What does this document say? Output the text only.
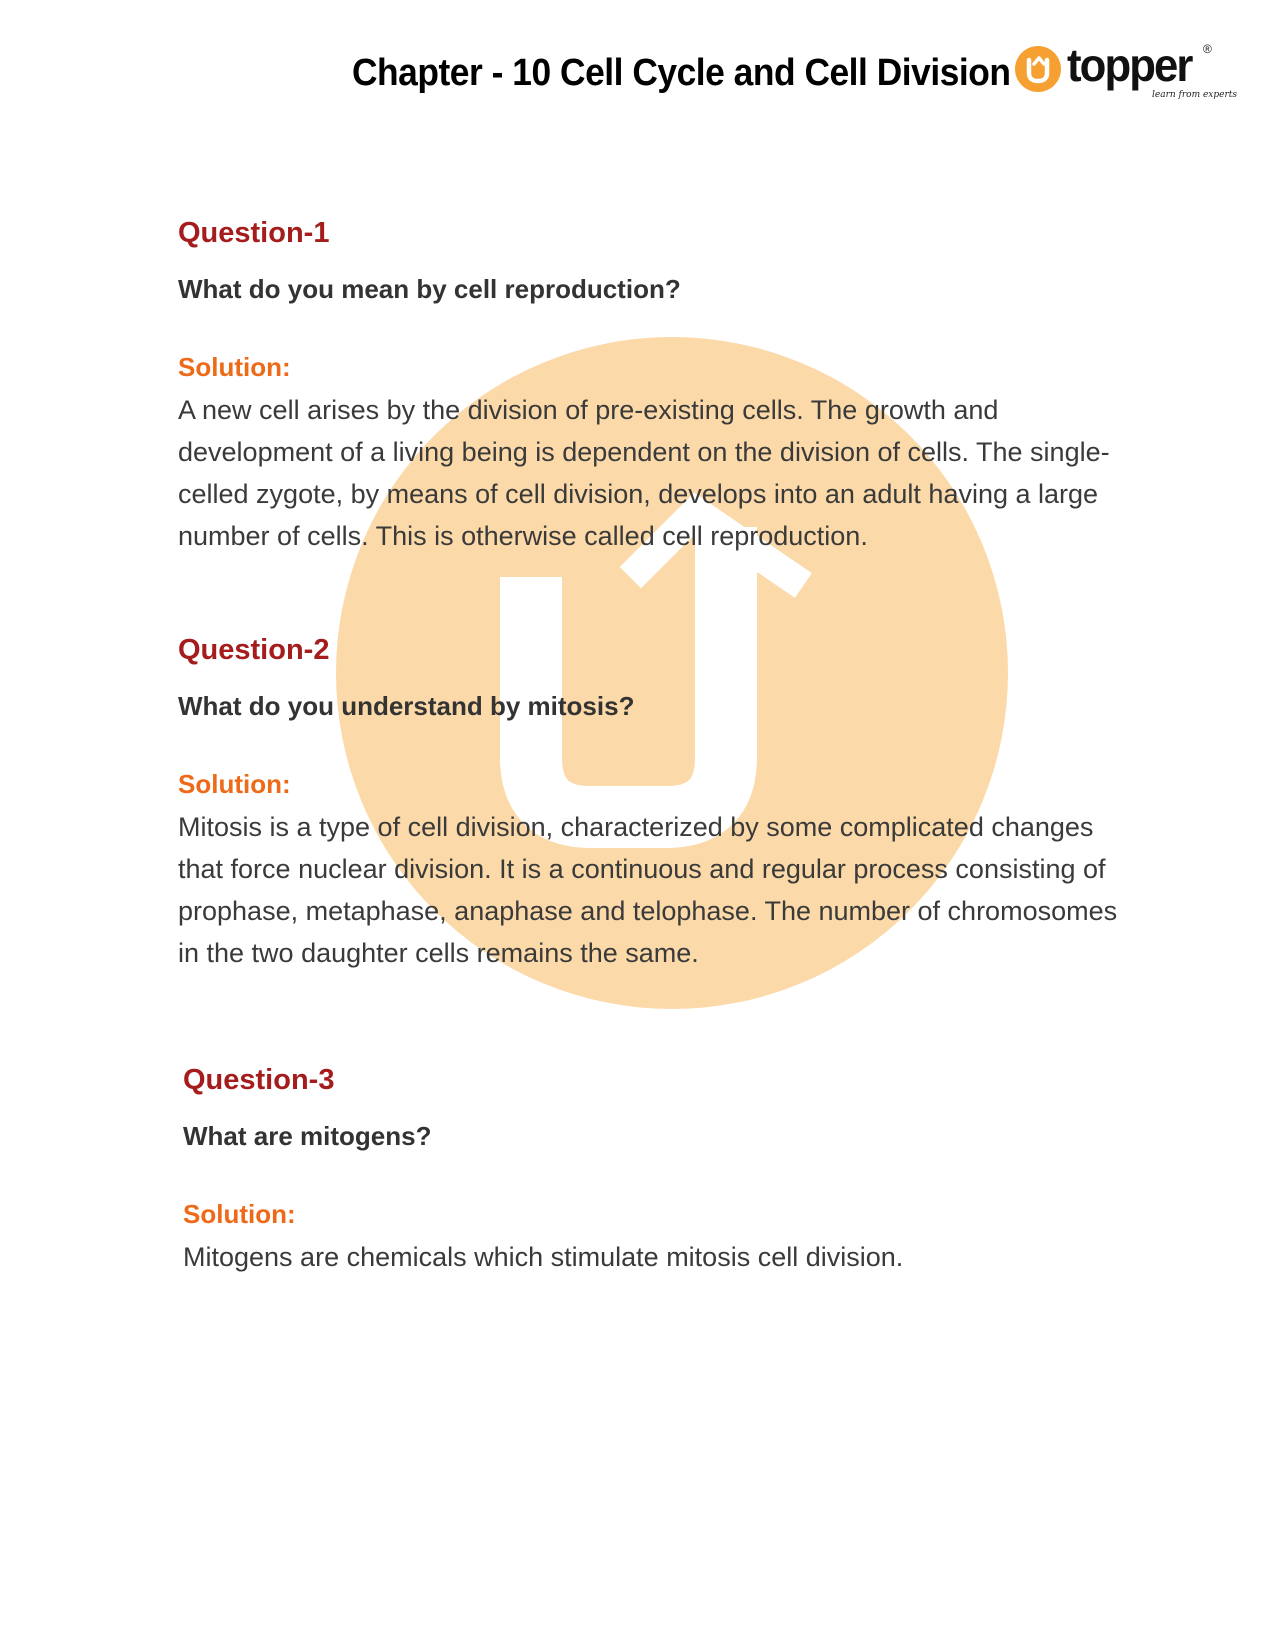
Chapter - 10 Cell Cycle and Cell Division topper
learn from experts
®
Question-1
What do you mean by cell reproduction?
Solution:
A new cell arises by the division of pre-existing cells. The growth and development of a living being is dependent on the division of cells. The single-celled zygote, by means of cell division, develops into an adult having a large number of cells. This is otherwise called cell reproduction.
Question-2
What do you understand by mitosis?
Solution:
Mitosis is a type of cell division, characterized by some complicated changes that force nuclear division. It is a continuous and regular process consisting of prophase, metaphase, anaphase and telophase. The number of chromosomes in the two daughter cells remains the same.
Question-3
What are mitogens?
Solution:
Mitogens are chemicals which stimulate mitosis cell division.
